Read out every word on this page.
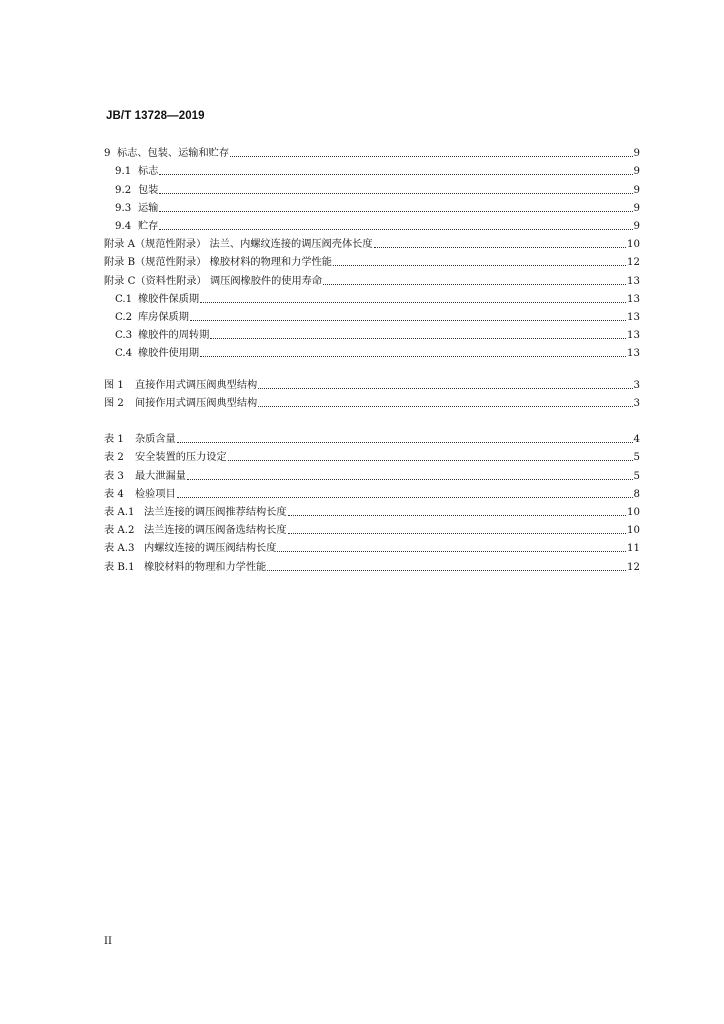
JB/T 13728—2019
9 标志、包装、运输和贮存	9
9.1 标志	9
9.2 包装	9
9.3 运输	9
9.4 贮存	9
附录 A（规范性附录） 法兰、内螺纹连接的调压阀壳体长度	10
附录 B（规范性附录） 橡胶材料的物理和力学性能	12
附录 C（资料性附录） 调压阀橡胶件的使用寿命	13
C.1 橡胶件保质期	13
C.2 库房保质期	13
C.3 橡胶件的周转期	13
C.4 橡胶件使用期	13
图 1	直接作用式调压阀典型结构	3
图 2	间接作用式调压阀典型结构	3
表 1	杂质含量	4
表 2	安全装置的压力设定	5
表 3	最大泄漏量	5
表 4	检验项目	8
表 A.1 法兰连接的调压阀推荐结构长度	10
表 A.2 法兰连接的调压阀备选结构长度	10
表 A.3 内螺纹连接的调压阀结构长度	11
表 B.1 橡胶材料的物理和力学性能	12
II
